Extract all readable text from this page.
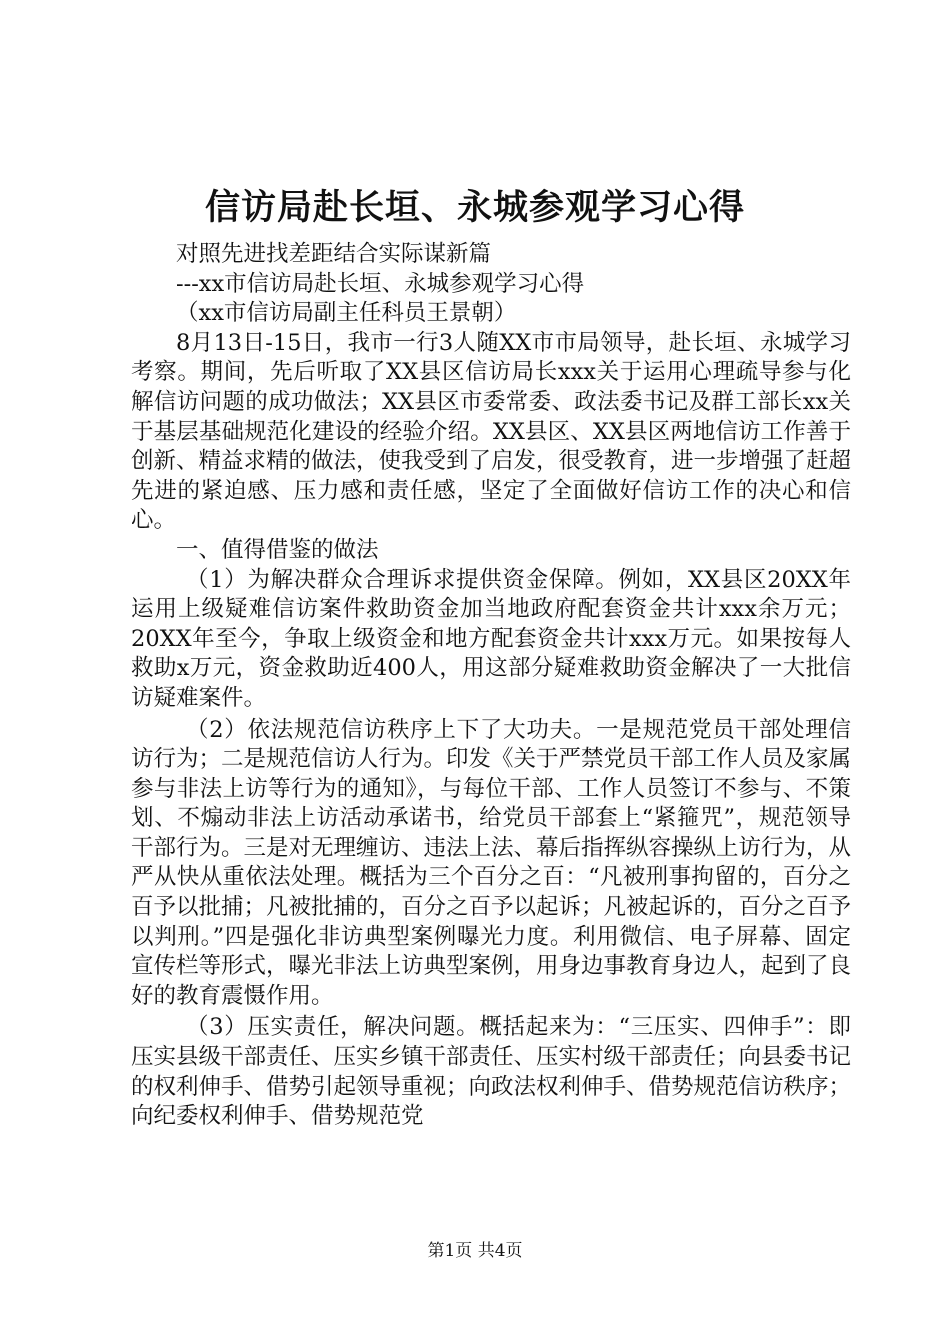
信访局赴长垣、永城参观学习心得

对照先进找差距结合实际谋新篇

---xx市信访局赴长垣、永城参观学习心得

（xx市信访局副主任科员王景朝）

8月13日-15日，我市一行3人随XX市市局领导，赴长垣、永城学习考察。期间，先后听取了XX县区信访局长xxx关于运用心理疏导参与化解信访问题的成功做法；XX县区市委常委、政法委书记及群工部长xx关于基层基础规范化建设的经验介绍。XX县区、XX县区两地信访工作善于创新、精益求精的做法，使我受到了启发，很受教育，进一步增强了赶超先进的紧迫感、压力感和责任感，坚定了全面做好信访工作的决心和信心。

一、值得借鉴的做法

（1）为解决群众合理诉求提供资金保障。例如，XX县区20XX年运用上级疑难信访案件救助资金加当地政府配套资金共计xxx余万元；20XX年至今，争取上级资金和地方配套资金共计xxx万元。如果按每人救助x万元，资金救助近400人，用这部分疑难救助资金解决了一大批信访疑难案件。

（2）依法规范信访秩序上下了大功夫。一是规范党员干部处理信访行为；二是规范信访人行为。印发《关于严禁党员干部工作人员及家属参与非法上访等行为的通知》，与每位干部、工作人员签订不参与、不策划、不煽动非法上访活动承诺书，给党员干部套上“紧箍咒”，规范领导干部行为。三是对无理缠访、违法上法、幕后指挥纵容操纵上访行为，从严从快从重依法处理。概括为三个百分之百：“凡被刑事拘留的，百分之百予以批捕；凡被批捕的，百分之百予以起诉；凡被起诉的，百分之百予以判刑。”四是强化非访典型案例曝光力度。利用微信、电子屏幕、固定宣传栏等形式，曝光非法上访典型案例，用身边事教育身边人，起到了良好的教育震慑作用。

（3）压实责任，解决问题。概括起来为：“三压实、四伸手”：即压实县级干部责任、压实乡镇干部责任、压实村级干部责任；向县委书记的权利伸手、借势引起领导重视；向政法权利伸手、借势规范信访秩序；向纪委权利伸手、借势规范党

第1页 共4页
